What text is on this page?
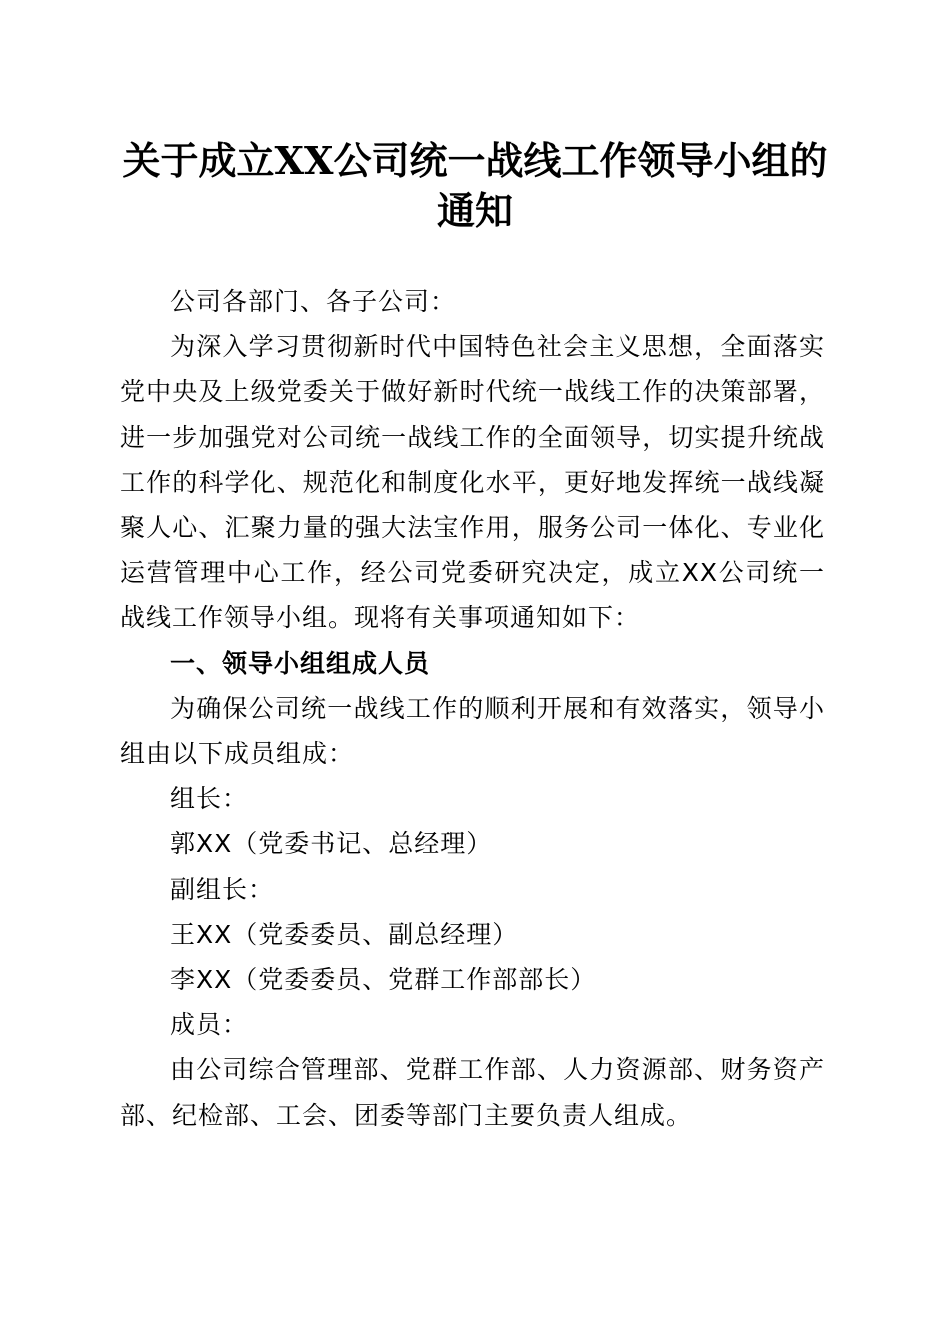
关于成立XX公司统一战线工作领导小组的通知

公司各部门、各子公司：

为深入学习贯彻新时代中国特色社会主义思想，全面落实党中央及上级党委关于做好新时代统一战线工作的决策部署，进一步加强党对公司统一战线工作的全面领导，切实提升统战工作的科学化、规范化和制度化水平，更好地发挥统一战线凝聚人心、汇聚力量的强大法宝作用，服务公司一体化、专业化运营管理中心工作，经公司党委研究决定，成立XX公司统一战线工作领导小组。现将有关事项通知如下：

一、领导小组组成人员

为确保公司统一战线工作的顺利开展和有效落实，领导小组由以下成员组成：

组长：

郭XX（党委书记、总经理）

副组长：

王XX（党委委员、副总经理）

李XX（党委委员、党群工作部部长）

成员：

由公司综合管理部、党群工作部、人力资源部、财务资产部、纪检部、工会、团委等部门主要负责人组成。
